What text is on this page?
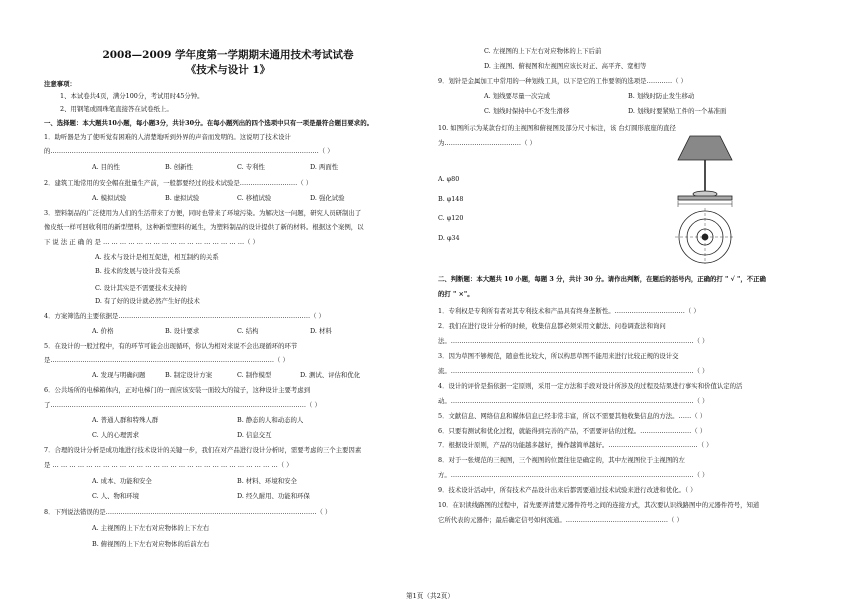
2008—2009 学年度第一学期期末通用技术考试试卷
《技术与设计 1》
注意事项：
1、本试卷共4页，满分100分，考试用时45分钟。
2、用钢笔或圆珠笔直接答在试卷纸上。
一、选择题：本大题共10小题，每小题3分，共计30分。在每小题列出的四个选项中只有一项是最符合题目要求的。
1．助听器是为了使听觉有困难的人清楚地听到外界的声音而发明的。这说明了技术设计
的………………………………………………………………………………………………………………（ ）
A. 目的性	B. 创新性	C. 专利性	D. 两面性
2．建筑工地常用的安全帽在批量生产前，一般都要经过的技术试验是………………………（ ）
A. 模拟试验	B. 虚拟试验	C. 移植试验	D. 强化试验
3．塑料制品的广泛使用为人们的生活带来了方便，同时也带来了环境污染。为解决这一问题，研究人员研制出了
像皮纸一样可回收利用的新型塑料，这种新型塑料的诞生，为塑料制品的设计提供了新的材料。根据这个案例，以
下 说 法 正 确 的 是 … … … … … … … … … … … … … … … … …（ ）
A. 技术与设计是相互促进，相互制约的关系
B. 技术的发展与设计没有关系
C. 设计其实是不需要技术支持的
D. 有了好的设计就必然产生好的技术
4．方案筛选的主要依据是………………………………………………………………………………（ ）
A. 价格	B. 设计要求	C. 结构	D. 材料
5．在设计的一般过程中，有的环节可能会出现循环，你认为相对来说不会出现循环的环节
是……………………………………………………………………………………………（ ）
A. 发现与明确问题	B. 制定设计方案	C. 制作模型	D. 测试、评估和优化
6．公共场所的电梯箱体内，正对电梯门的一面应该安装一面较大的镜子，这种设计主要考虑到
了…………………………………………………………………………………………………………（ ）
A. 普通人群和特殊人群	B. 静态的人和动态的人
C. 人的心理需求	D. 信息交互
7．合理的设计分析是成功地进行技术设计的关键一步，我们在对产品进行设计分析时，需要考虑的三个主要因素
是 … … … … … … … … … … … … … … … … … … … … … … … … … … …（ ）
A. 成本、功能和安全	B. 材料、环境和安全
C. 人、物和环境	D. 经久耐用、功能和环保
8．下列说法错误的是………………………………………………………………………………………（ ）
A. 主视图的上下左右对应物体的上下左右
B. 俯视图的上下左右对应物体的后前左右
C. 左视图的上下左右对应物体的上下后前
D. 主视图、俯视图和左视图应该长对正、高平齐、宽相等
9．划针是金属加工中常用的一种划线工具，以下是它的工作要领的选项是…………（ ）
A. 划线要尽量一次完成	B. 划线时防止发生移动
C. 划线时保持中心不发生滑移	D. 划线时要紧贴工件的一个基准面
10. 如图所示为某款台灯的主视图和俯视图及部分尺寸标注，该 台灯圆形底座的直径
为………………………………（ ）
A. φ80
B. φ148
C. φ120
D. φ34
二、判断题：本大题共 10 小题，每题 3 分，共计 30 分。请作出判断，在题后的括号内，正确的打 " √ "，不正确
的打 " ×"。
1．专利权是专利所有者对其专利技术和产品具有终身垄断性。……………………………（ ）
2．我们在进行设计分析的时候，收集信息都必须采用文献法、问卷调查法和询问
法。……………………………………………………………………………………………………（ ）
3．因为草图不够规范，随意性比较大，所以构思草图不能用来进行比较正规的设计交
流。……………………………………………………………………………………………………（ ）
4．设计的评价是指依据一定原则，采用一定方法和手段对设计所涉及的过程及结果进行事实和价值认定的活
动。……………………………………………………………………………………………………（ ）
5．文献信息、网络信息和媒体信息已经非常丰富，所以不需要其他收集信息的方法。……（ ）
6．只要有测试和优化过程，就能得到完善的产品，不需要评估的过程。……………………（ ）
7．根据设计原则，产品的功能越多越好，操作越简单越好。……………………………………（ ）
8．对于一张规范的三视图，三个视图的位置往往是确定的，其中左视图位于主视图的左
方。……………………………………………………………………………………………………（ ）
9．技术设计活动中，所有技术产品设计出来后都需要通过技术试验来进行改进和优化。（ ）
10．在识读线路图的过程中，首先要弄清楚元器件符号之间的连接方式，其次要认识线路图中的元器件符号，知道
它所代表的元器件；最后确定信号如何流通。…………………………………………（ ）
第1页（共2页）
